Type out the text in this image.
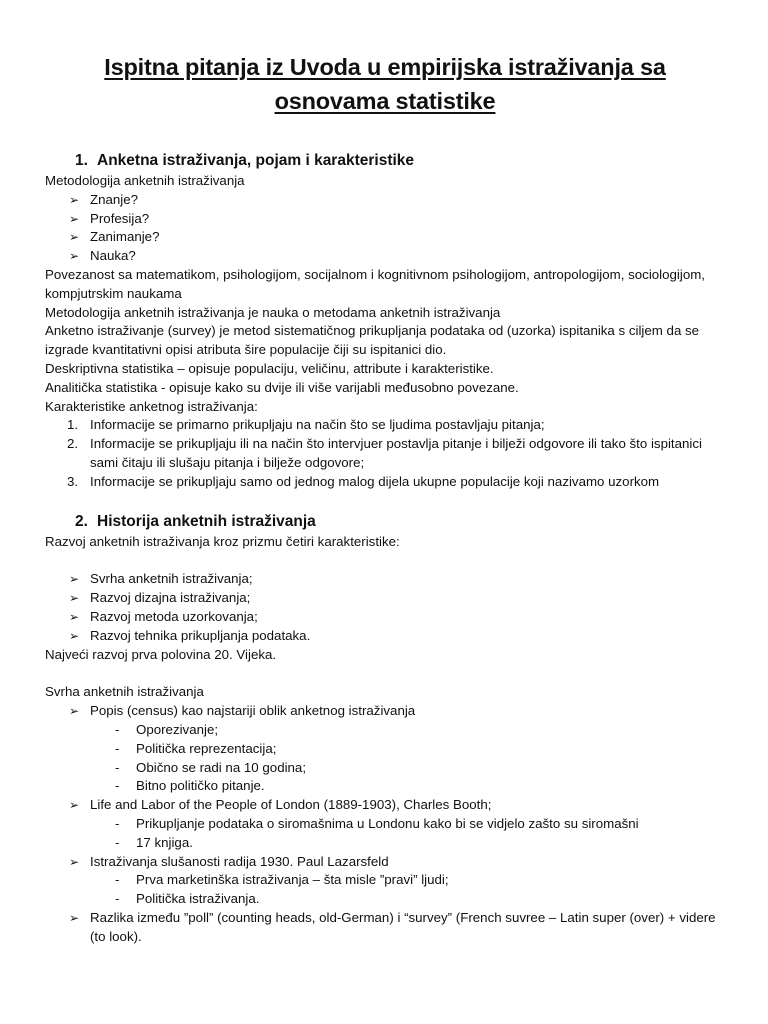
Ispitna pitanja iz Uvoda u empirijska istraživanja sa osnovama statistike
1. Anketna istraživanja, pojam i karakteristike
Metodologija anketnih istraživanja
➢ Znanje?
➢ Profesija?
➢ Zanimanje?
➢ Nauka?
Povezanost sa matematikom, psihologijom, socijalnom i kognitivnom psihologijom, antropologijom, sociologijom, kompjutrskim naukama
Metodologija anketnih istraživanja je nauka o metodama anketnih istraživanja
Anketno istraživanje (survey) je metod sistematičnog prikupljanja podataka od (uzorka) ispitanika s ciljem da se izgrade kvantitativni opisi atributa šire populacije čiji su ispitanici dio.
Deskriptivna statistika – opisuje populaciju, veličinu, attribute i karakteristike.
Analitička statistika - opisuje kako su dvije ili više varijabli međusobno povezane.
Karakteristike anketnog istraživanja:
1. Informacije se primarno prikupljaju na način što se ljudima postavljaju pitanja;
2. Informacije se prikupljaju ili na način što intervjuer postavlja pitanje i bilježi odgovore ili tako što ispitanici sami čitaju ili slušaju pitanja i bilježe odgovore;
3. Informacije se prikupljaju samo od jednog malog dijela ukupne populacije koji nazivamo uzorkom
2. Historija anketnih istraživanja
Razvoj anketnih istraživanja kroz prizmu četiri karakteristike:
➢ Svrha anketnih istraživanja;
➢ Razvoj dizajna istraživanja;
➢ Razvoj metoda uzorkovanja;
➢ Razvoj tehnika prikupljanja podataka.
Najveći razvoj prva polovina 20. Vijeka.
Svrha anketnih istraživanja
➢ Popis (census) kao najstariji oblik anketnog istraživanja
- Oporezivanje;
- Politička reprezentacija;
- Obično se radi na 10 godina;
- Bitno političko pitanje.
➢ Life and Labor of the People of London (1889-1903), Charles Booth;
- Prikupljanje podataka o siromašnima u Londonu kako bi se vidjelo zašto su siromašni
- 17 knjiga.
➢ Istraživanja slušanosti radija 1930. Paul Lazarsfeld
- Prva marketinška istraživanja – šta misle ”pravi” ljudi;
- Politička istraživanja.
➢ Razlika između ”poll” (counting heads, old-German) i “survey” (French suvree – Latin super (over) + videre (to look).
